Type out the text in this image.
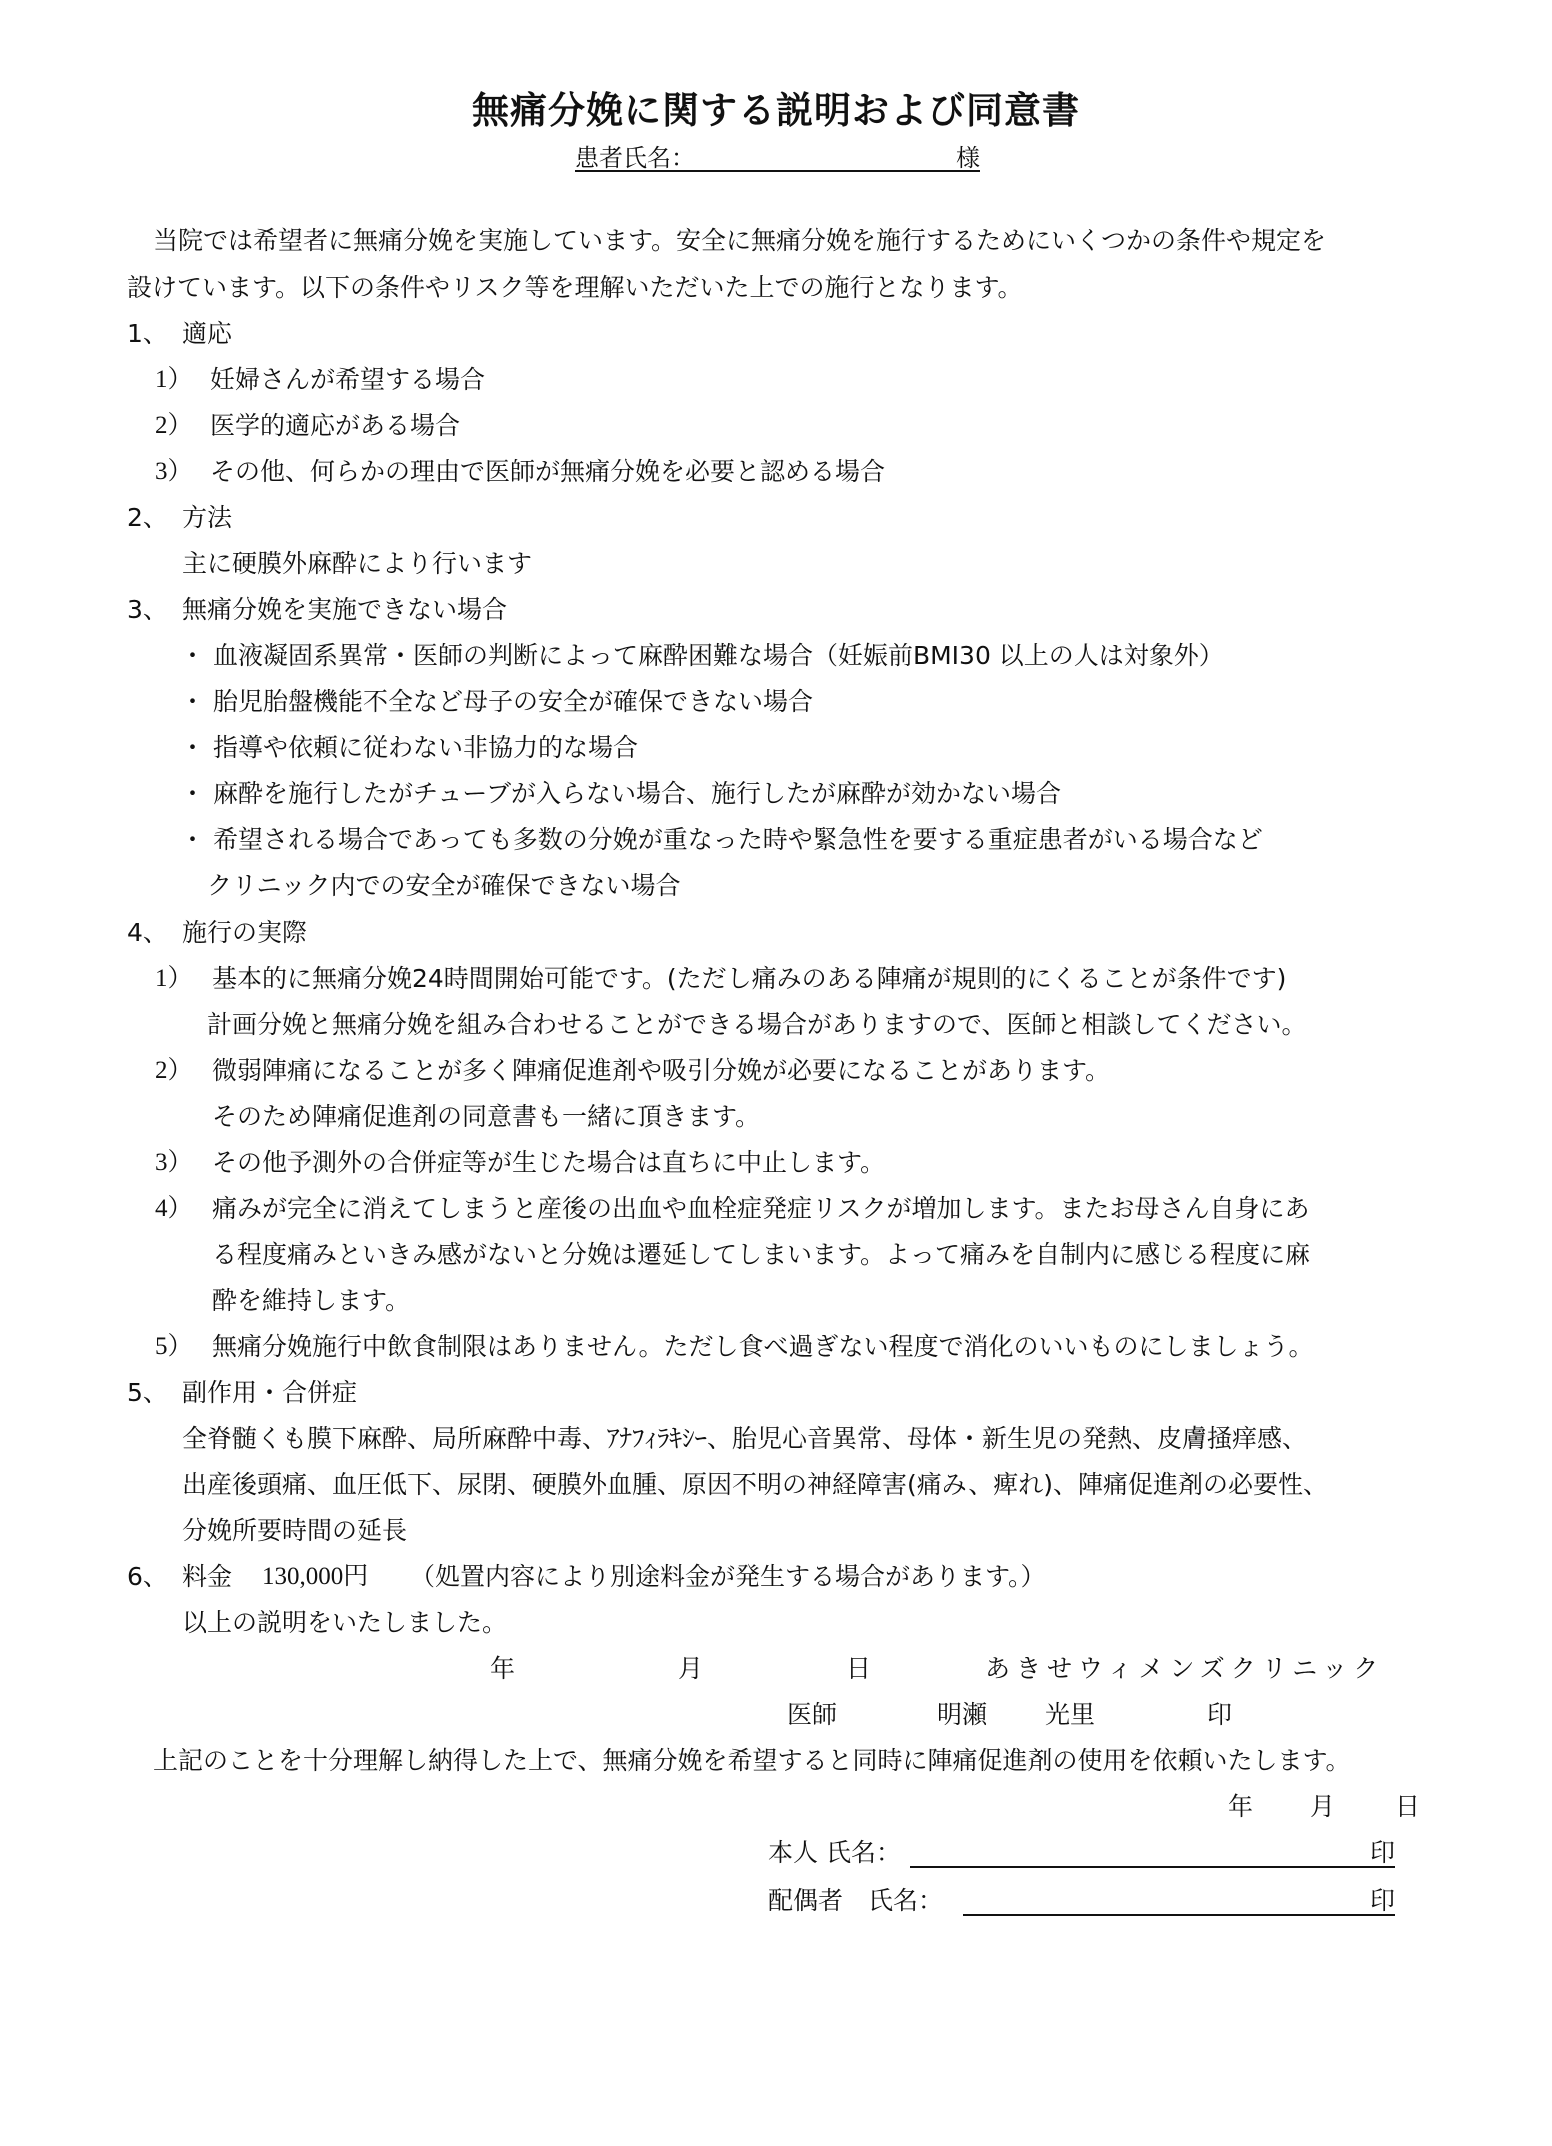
無痛分娩に関する説明および同意書
患者氏名：	様
当院では希望者に無痛分娩を実施しています。安全に無痛分娩を施行するためにいくつかの条件や規定を
設けています。以下の条件やリスク等を理解いただいた上での施行となります。
1、 適応
1） 妊婦さんが希望する場合
2） 医学的適応がある場合
3） その他、何らかの理由で医師が無痛分娩を必要と認める場合
2、 方法
主に硬膜外麻酔により行います
3、 無痛分娩を実施できない場合
・ 血液凝固系異常・医師の判断によって麻酔困難な場合（妊娠前BMI30 以上の人は対象外）
・ 胎児胎盤機能不全など母子の安全が確保できない場合
・ 指導や依頼に従わない非協力的な場合
・ 麻酔を施行したがチューブが入らない場合、施行したが麻酔が効かない場合
・ 希望される場合であっても多数の分娩が重なった時や緊急性を要する重症患者がいる場合など
クリニック内での安全が確保できない場合
4、 施行の実際
1） 基本的に無痛分娩24時間開始可能です。(ただし痛みのある陣痛が規則的にくることが条件です)
計画分娩と無痛分娩を組み合わせることができる場合がありますので、医師と相談してください。
2） 微弱陣痛になることが多く陣痛促進剤や吸引分娩が必要になることがあります。
そのため陣痛促進剤の同意書も一緒に頂きます。
3） その他予測外の合併症等が生じた場合は直ちに中止します。
4） 痛みが完全に消えてしまうと産後の出血や血栓症発症リスクが増加します。またお母さん自身にあ
る程度痛みといきみ感がないと分娩は遷延してしまいます。よって痛みを自制内に感じる程度に麻
酔を維持します。
5） 無痛分娩施行中飲食制限はありません。ただし食べ過ぎない程度で消化のいいものにしましょう。
5、 副作用・合併症
全脊髄くも膜下麻酔、局所麻酔中毒、ｱﾅﾌｨﾗｷｼｰ、胎児心音異常、母体・新生児の発熱、皮膚掻痒感、
出産後頭痛、血圧低下、尿閉、硬膜外血腫、原因不明の神経障害(痛み、痺れ)、陣痛促進剤の必要性、
分娩所要時間の延長
6、 料金 130,000円 （処置内容により別途料金が発生する場合があります。）
以上の説明をいたしました。
年	月	日	あきせウィメンズクリニック
医師	明瀬 光里	印
上記のことを十分理解し納得した上で、無痛分娩を希望すると同時に陣痛促進剤の使用を依頼いたします。
年 月 日
本人 氏名：	印
配偶者　氏名：	印
